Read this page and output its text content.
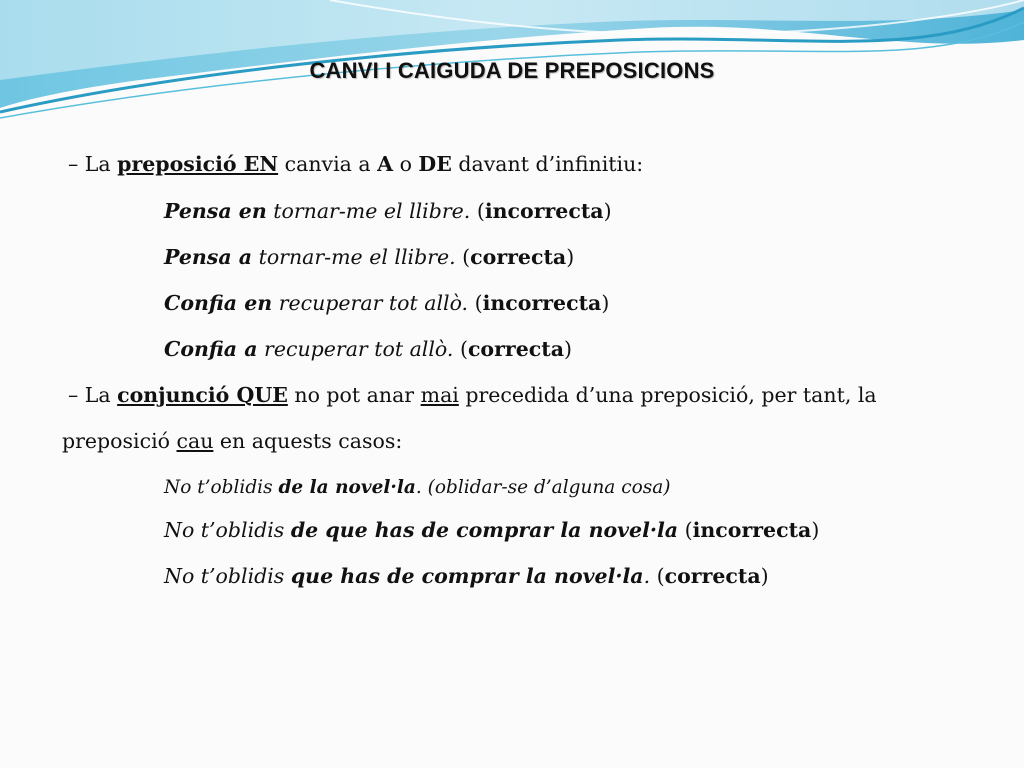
CANVI I CAIGUDA DE PREPOSICIONS
– La preposició EN canvia a A o DE davant d’infinitiu:
Pensa en tornar-me el llibre. (incorrecta)
Pensa a tornar-me el llibre. (correcta)
Confia en recuperar tot allò. (incorrecta)
Confia a recuperar tot allò. (correcta)
– La conjunció QUE no pot anar mai precedida d’una preposició, per tant, la
preposició cau en aquests casos:
No t’oblidis de la novel·la. (oblidar-se d’alguna cosa)
No t’oblidis de que has de comprar la novel·la (incorrecta)
No t’oblidis que has de comprar la novel·la. (correcta)
